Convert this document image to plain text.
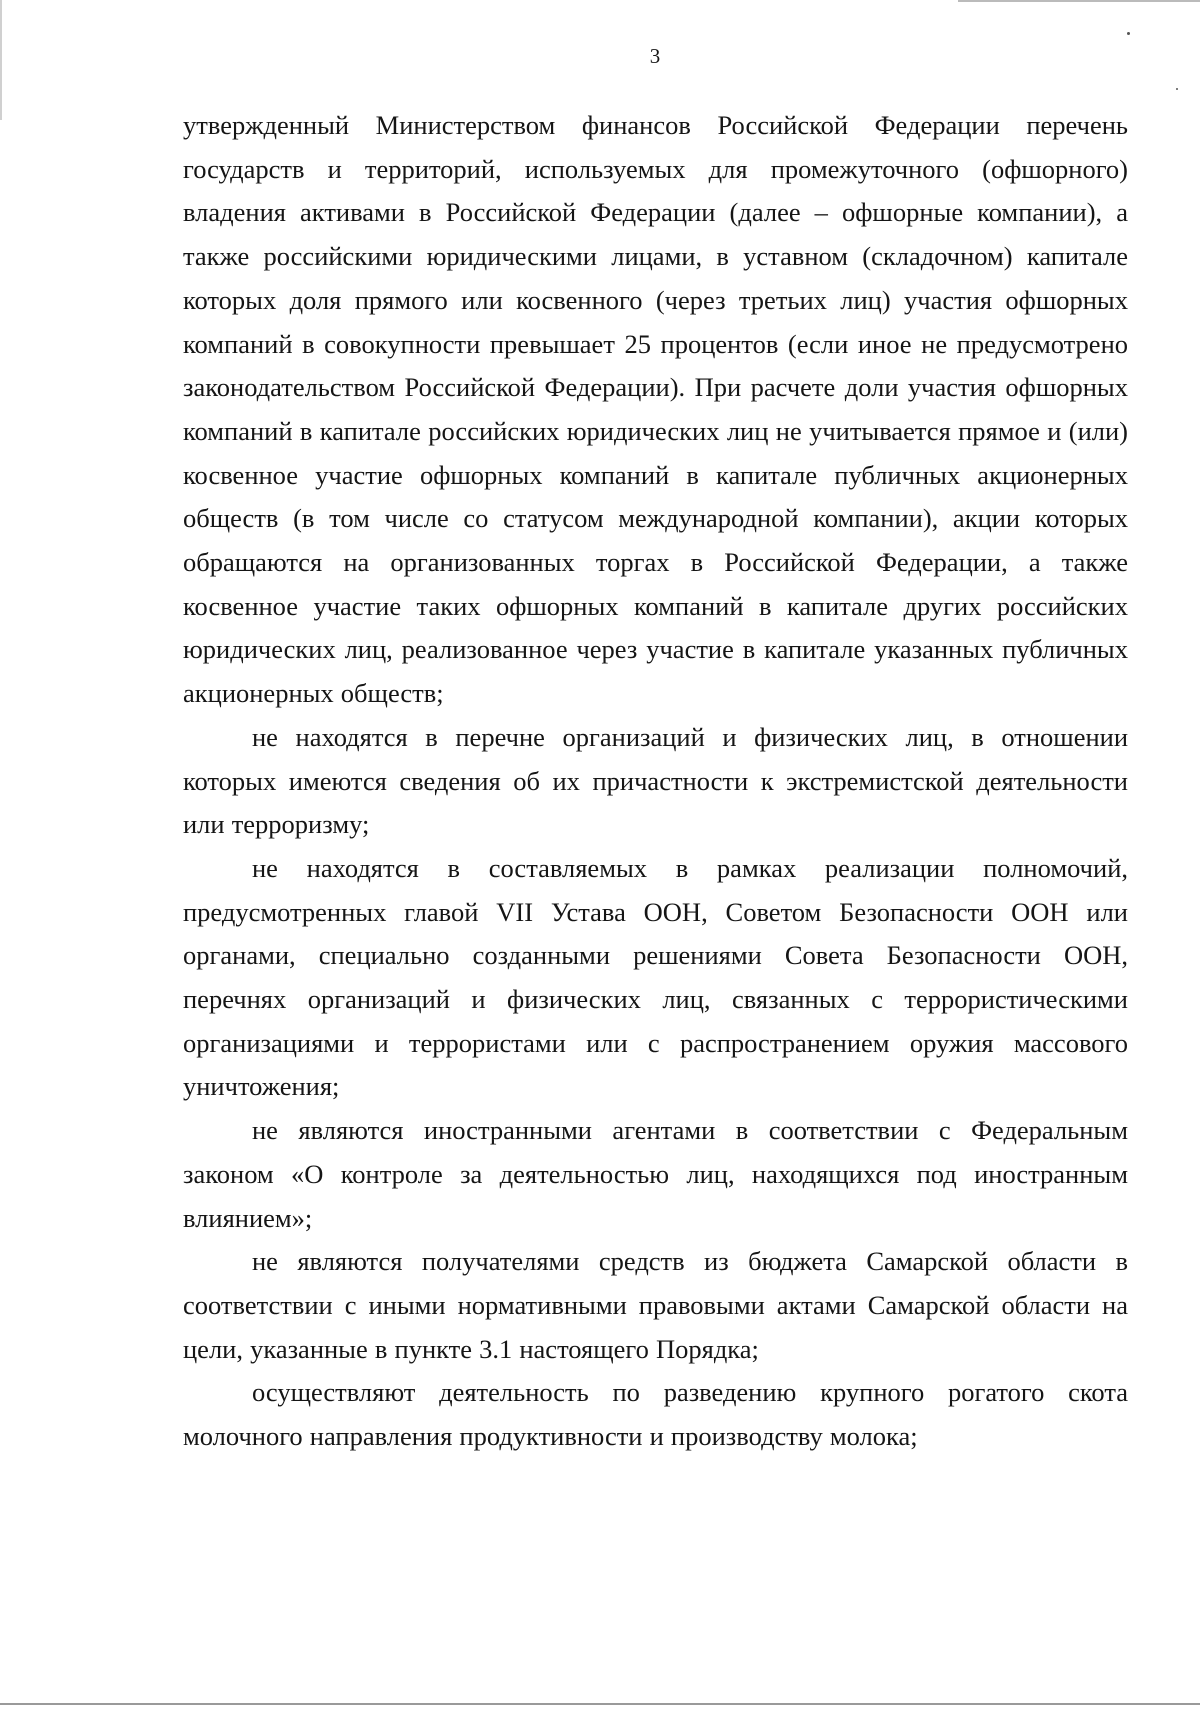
3

утвержденный Министерством финансов Российской Федерации перечень государств и территорий, используемых для промежуточного (офшорного) владения активами в Российской Федерации (далее – офшорные компании), а также российскими юридическими лицами, в уставном (складочном) капитале которых доля прямого или косвенного (через третьих лиц) участия офшорных компаний в совокупности превышает 25 процентов (если иное не предусмотрено законодательством Российской Федерации). При расчете доли участия офшорных компаний в капитале российских юридических лиц не учитывается прямое и (или) косвенное участие офшорных компаний в капитале публичных акционерных обществ (в том числе со статусом международной компании), акции которых обращаются на организованных торгах в Российской Федерации, а также косвенное участие таких офшорных компаний в капитале других российских юридических лиц, реализованное через участие в капитале указанных публичных акционерных обществ;

не находятся в перечне организаций и физических лиц, в отношении которых имеются сведения об их причастности к экстремистской деятельности или терроризму;

не находятся в составляемых в рамках реализации полномочий, предусмотренных главой VII Устава ООН, Советом Безопасности ООН или органами, специально созданными решениями Совета Безопасности ООН, перечнях организаций и физических лиц, связанных с террористическими организациями и террористами или с распространением оружия массового уничтожения;

не являются иностранными агентами в соответствии с Федеральным законом «О контроле за деятельностью лиц, находящихся под иностранным влиянием»;

не являются получателями средств из бюджета Самарской области в соответствии с иными нормативными правовыми актами Самарской области на цели, указанные в пункте 3.1 настоящего Порядка;

осуществляют деятельность по разведению крупного рогатого скота молочного направления продуктивности и производству молока;
